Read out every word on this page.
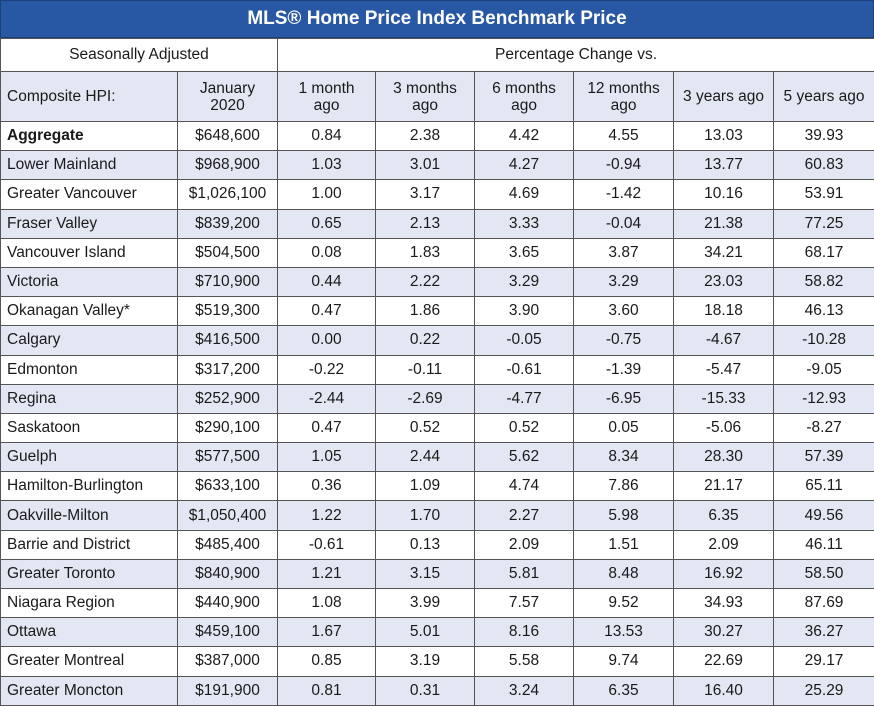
MLS® Home Price Index Benchmark Price
Seasonally Adjusted		Percentage Change vs.					
Composite HPI:	January 2020	1 month ago	3 months ago	6 months ago	12 months ago	3 years ago	5 years ago
Aggregate	$648,600	0.84	2.38	4.42	4.55	13.03	39.93
Lower Mainland	$968,900	1.03	3.01	4.27	-0.94	13.77	60.83
Greater Vancouver	$1,026,100	1.00	3.17	4.69	-1.42	10.16	53.91
Fraser Valley	$839,200	0.65	2.13	3.33	-0.04	21.38	77.25
Vancouver Island	$504,500	0.08	1.83	3.65	3.87	34.21	68.17
Victoria	$710,900	0.44	2.22	3.29	3.29	23.03	58.82
Okanagan Valley*	$519,300	0.47	1.86	3.90	3.60	18.18	46.13
Calgary	$416,500	0.00	0.22	-0.05	-0.75	-4.67	-10.28
Edmonton	$317,200	-0.22	-0.11	-0.61	-1.39	-5.47	-9.05
Regina	$252,900	-2.44	-2.69	-4.77	-6.95	-15.33	-12.93
Saskatoon	$290,100	0.47	0.52	0.52	0.05	-5.06	-8.27
Guelph	$577,500	1.05	2.44	5.62	8.34	28.30	57.39
Hamilton-Burlington	$633,100	0.36	1.09	4.74	7.86	21.17	65.11
Oakville-Milton	$1,050,400	1.22	1.70	2.27	5.98	6.35	49.56
Barrie and District	$485,400	-0.61	0.13	2.09	1.51	2.09	46.11
Greater Toronto	$840,900	1.21	3.15	5.81	8.48	16.92	58.50
Niagara Region	$440,900	1.08	3.99	7.57	9.52	34.93	87.69
Ottawa	$459,100	1.67	5.01	8.16	13.53	30.27	36.27
Greater Montreal	$387,000	0.85	3.19	5.58	9.74	22.69	29.17
Greater Moncton	$191,900	0.81	0.31	3.24	6.35	16.40	25.29
